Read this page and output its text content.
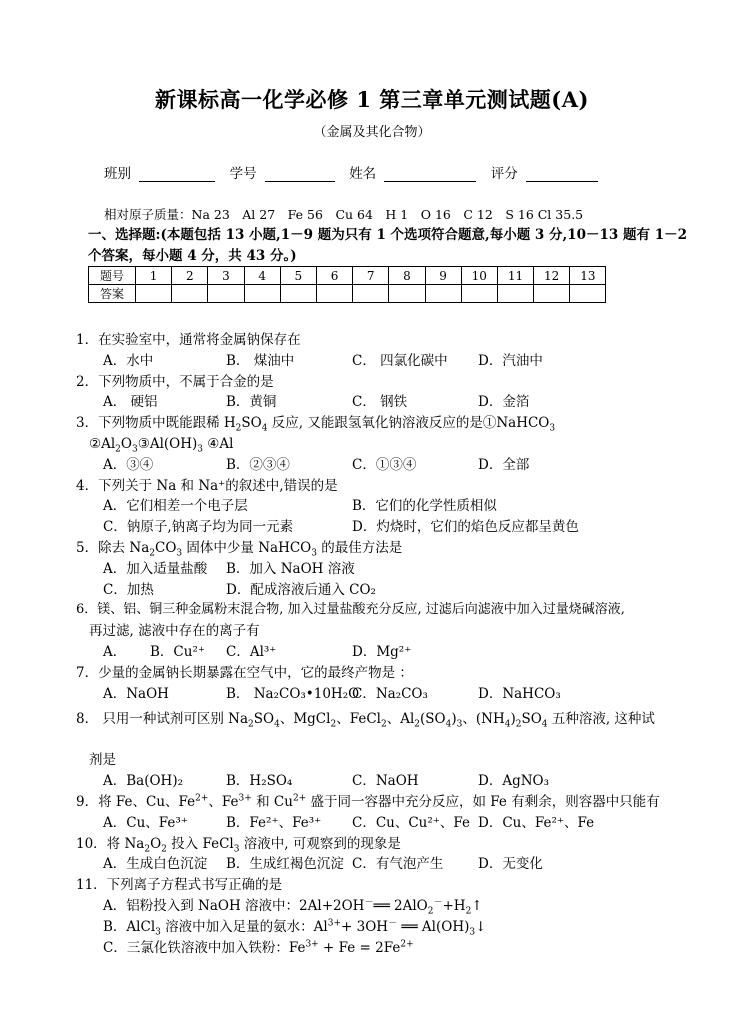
新课标高一化学必修 1 第三章单元测试题(A)
（金属及其化合物）
班别	学号	姓名	评分
相对原子质量：Na 23　Al 27　Fe 56　Cu 64　H 1　O 16　C 12　S 16 Cl 35.5
一、选择题:(本题包括 13 小题,1－9 题为只有 1 个选项符合题意,每小题 3 分,10－13 题有 1－2 个答案，每小题 4 分，共 43 分。)
题号	1	2	3	4	5	6	7	8	9	10	11	12	13
答案													
1．在实验室中，通常将金属钠保存在
A．水中	B． 煤油中	C． 四氯化碳中 D．汽油中
2．下列物质中，不属于合金的是
A． 硬铝	B．黄铜	C． 钢铁	D．金箔
3．下列物质中既能跟稀 $H_2SO_4$ 反应, 又能跟氢氧化钠溶液反应的是①NaHCO$_3$
$②Al_2O_3③Al(OH)_3$ ④Al
A．③④	B．②③④	C．①③④	D．全部
4．下列关于 Na 和 Na⁺的叙述中,错误的是
A．它们相差一个电子层	B．它们的化学性质相似
C．钠原子,钠离子均为同一元素	D．灼烧时，它们的焰色反应都呈黄色
5．除去 $Na_2CO_3$ 固体中少量 NaHCO$_3$ 的最佳方法是
A．加入适量盐酸 B．加入 NaOH 溶液
C．加热	D．配成溶液后通入 CO₂
6．镁、铝、铜三种金属粉末混合物, 加入过量盐酸充分反应, 过滤后向滤液中加入过量烧碱溶液,
再过滤, 滤液中存在的离子有
A． B．Cu²⁺ C．Al³⁺	D．Mg²⁺
7．少量的金属钠长期暴露在空气中，它的最终产物是 ：
A．NaOH	B． Na₂CO₃•10H₂O
C．Na₂CO₃	D．NaHCO₃
8． 只用一种试剂可区别 $Na_2SO_4$、MgCl$_2$、FeCl$_2$、$Al_2(SO_4)_3$、$(NH_4)_2SO_4$ 五种溶液, 这种试
剂是
A．Ba(OH)₂	B．H₂SO₄	C．NaOH	D．AgNO₃
9．将 Fe、Cu、$Fe^{2+}$、$Fe^{3+}$ 和 $Cu^{2+}$ 盛于同一容器中充分反应，如 Fe 有剩余，则容器中只能有
A．Cu、Fe³⁺	B．Fe²⁺、Fe³⁺ C．Cu、Cu²⁺、Fe D．Cu、Fe²⁺、Fe
10．将 $Na_2O_2$ 投入 FeCl$_3$ 溶液中, 可观察到的现象是
A．生成白色沉淀 B．生成红褐色沉淀 C．有气泡产生	D．无变化
11．下列离子方程式书写正确的是
A．铝粉投入到 NaOH 溶液中：2Al+2OH－══ $2AlO_2^-+H_2↑$
B．AlCl$_3$ 溶液中加入足量的氨水：$Al^{3+}+ 3OH^-$ ══ $Al(OH)_3↓$
C．三氯化铁溶液中加入铁粉：$Fe^{3+} + Fe = 2Fe^{2+}$
